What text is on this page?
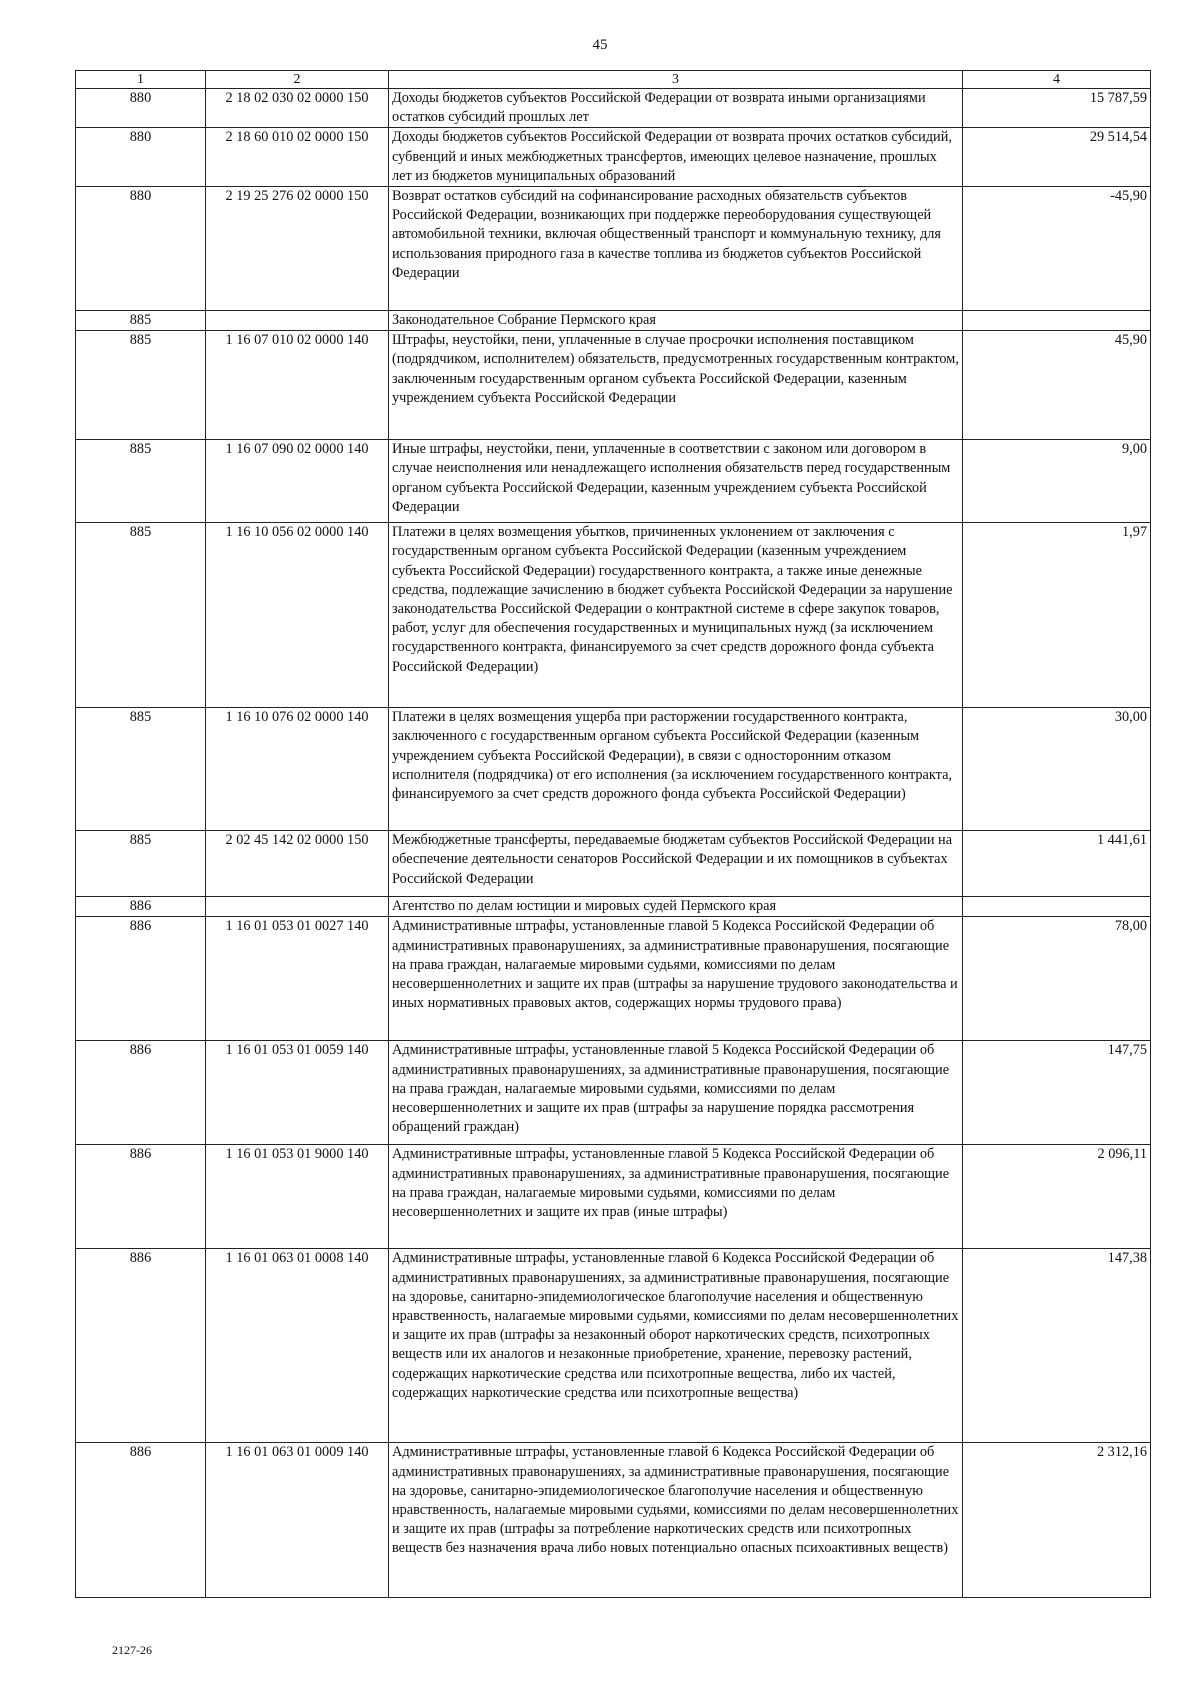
45
1	2	3	4
880	2 18 02 030 02 0000 150	Доходы бюджетов субъектов Российской Федерации от возврата иными организациями остатков субсидий прошлых лет	15 787,59
880	2 18 60 010 02 0000 150	Доходы бюджетов субъектов Российской Федерации от возврата прочих остатков субсидий, субвенций и иных межбюджетных трансфертов, имеющих целевое назначение, прошлых лет из бюджетов муниципальных образований	29 514,54
880	2 19 25 276 02 0000 150	Возврат остатков субсидий на софинансирование расходных обязательств субъектов Российской Федерации, возникающих при поддержке переоборудования существующей автомобильной техники, включая общественный транспорт и коммунальную технику, для использования природного газа в качестве топлива из бюджетов субъектов Российской Федерации	-45,90
885		Законодательное Собрание Пермского края	
885	1 16 07 010 02 0000 140	Штрафы, неустойки, пени, уплаченные в случае просрочки исполнения поставщиком (подрядчиком, исполнителем) обязательств, предусмотренных государственным контрактом, заключенным государственным органом субъекта Российской Федерации, казенным учреждением субъекта Российской Федерации	45,90
885	1 16 07 090 02 0000 140	Иные штрафы, неустойки, пени, уплаченные в соответствии с законом или договором в случае неисполнения или ненадлежащего исполнения обязательств перед государственным органом субъекта Российской Федерации, казенным учреждением субъекта Российской Федерации	9,00
885	1 16 10 056 02 0000 140	Платежи в целях возмещения убытков, причиненных уклонением от заключения с государственным органом субъекта Российской Федерации (казенным учреждением субъекта Российской Федерации) государственного контракта, а также иные денежные средства, подлежащие зачислению в бюджет субъекта Российской Федерации за нарушение законодательства Российской Федерации о контрактной системе в сфере закупок товаров, работ, услуг для обеспечения государственных и муниципальных нужд (за исключением государственного контракта, финансируемого за счет средств дорожного фонда субъекта Российской Федерации)	1,97
885	1 16 10 076 02 0000 140	Платежи в целях возмещения ущерба при расторжении государственного контракта, заключенного с государственным органом субъекта Российской Федерации (казенным учреждением субъекта Российской Федерации), в связи с односторонним отказом исполнителя (подрядчика) от его исполнения (за исключением государственного контракта, финансируемого за счет средств дорожного фонда субъекта Российской Федерации)	30,00
885	2 02 45 142 02 0000 150	Межбюджетные трансферты, передаваемые бюджетам субъектов Российской Федерации на обеспечение деятельности сенаторов Российской Федерации и их помощников в субъектах Российской Федерации	1 441,61
886		Агентство по делам юстиции и мировых судей Пермского края	
886	1 16 01 053 01 0027 140	Административные штрафы, установленные главой 5 Кодекса Российской Федерации об административных правонарушениях, за административные правонарушения, посягающие на права граждан, налагаемые мировыми судьями, комиссиями по делам несовершеннолетних и защите их прав (штрафы за нарушение трудового законодательства и иных нормативных правовых актов, содержащих нормы трудового права)	78,00
886	1 16 01 053 01 0059 140	Административные штрафы, установленные главой 5 Кодекса Российской Федерации об административных правонарушениях, за административные правонарушения, посягающие на права граждан, налагаемые мировыми судьями, комиссиями по делам несовершеннолетних и защите их прав (штрафы за нарушение порядка рассмотрения обращений граждан)	147,75
886	1 16 01 053 01 9000 140	Административные штрафы, установленные главой 5 Кодекса Российской Федерации об административных правонарушениях, за административные правонарушения, посягающие на права граждан, налагаемые мировыми судьями, комиссиями по делам несовершеннолетних и защите их прав (иные штрафы)	2 096,11
886	1 16 01 063 01 0008 140	Административные штрафы, установленные главой 6 Кодекса Российской Федерации об административных правонарушениях, за административные правонарушения, посягающие на здоровье, санитарно-эпидемиологическое благополучие населения и общественную нравственность, налагаемые мировыми судьями, комиссиями по делам несовершеннолетних и защите их прав (штрафы за незаконный оборот наркотических средств, психотропных веществ или их аналогов и незаконные приобретение, хранение, перевозку растений, содержащих наркотические средства или психотропные вещества, либо их частей, содержащих наркотические средства или психотропные вещества)	147,38
886	1 16 01 063 01 0009 140	Административные штрафы, установленные главой 6 Кодекса Российской Федерации об административных правонарушениях, за административные правонарушения, посягающие на здоровье, санитарно-эпидемиологическое благополучие населения и общественную нравственность, налагаемые мировыми судьями, комиссиями по делам несовершеннолетних и защите их прав (штрафы за потребление наркотических средств или психотропных веществ без назначения врача либо новых потенциально опасных психоактивных веществ)	2 312,16
2127-26
